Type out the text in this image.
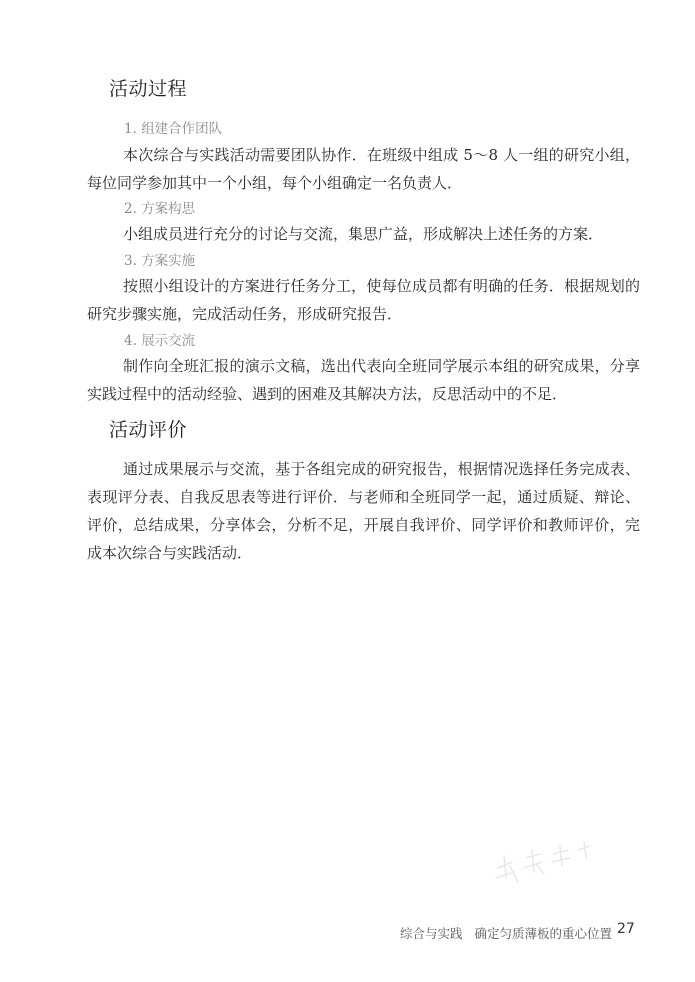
活动过程
1. 组建合作团队
本次综合与实践活动需要团队协作．在班级中组成 5～8 人一组的研究小组，每位同学参加其中一个小组，每个小组确定一名负责人．
2. 方案构思
小组成员进行充分的讨论与交流，集思广益，形成解决上述任务的方案．
3. 方案实施
按照小组设计的方案进行任务分工，使每位成员都有明确的任务．根据规划的研究步骤实施，完成活动任务，形成研究报告．
4. 展示交流
制作向全班汇报的演示文稿，选出代表向全班同学展示本组的研究成果，分享实践过程中的活动经验、遇到的困难及其解决方法，反思活动中的不足．
活动评价
通过成果展示与交流，基于各组完成的研究报告，根据情况选择任务完成表、表现评分表、自我反思表等进行评价．与老师和全班同学一起，通过质疑、辩论、评价，总结成果，分享体会，分析不足，开展自我评价、同学评价和教师评价，完成本次综合与实践活动．
综合与实践 确定匀质薄板的重心位置 27
